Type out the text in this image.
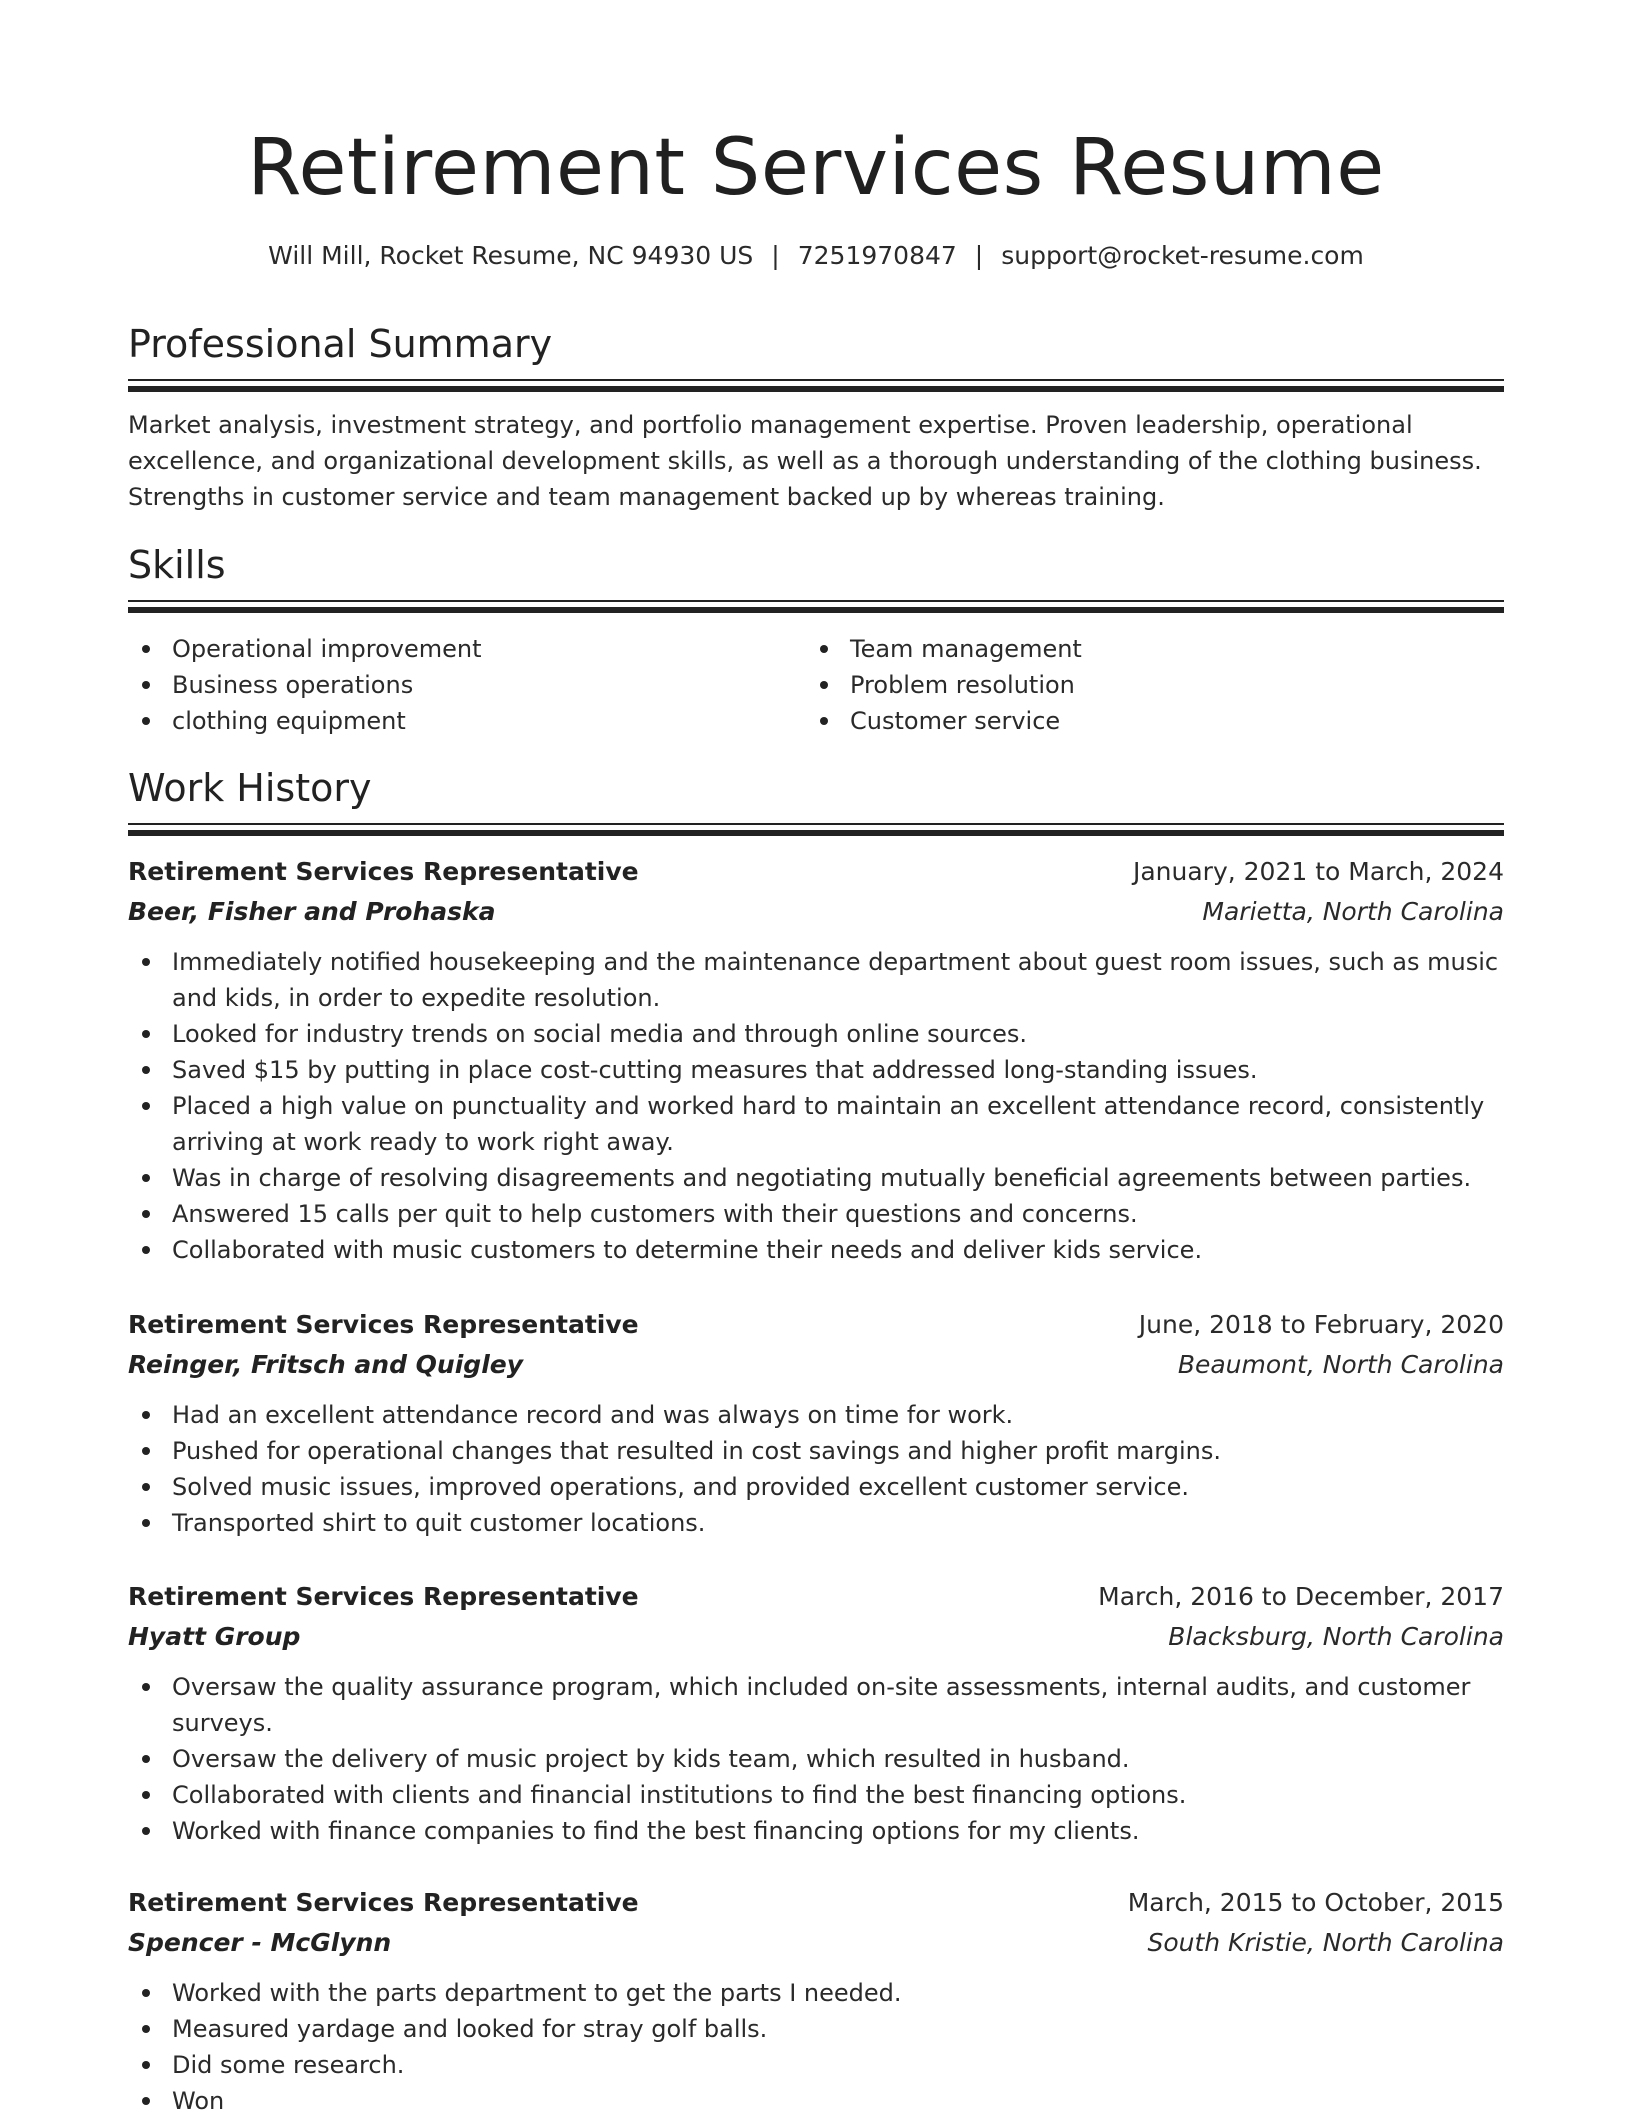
Retirement Services Resume
Will Mill, Rocket Resume, NC 94930 US | 7251970847 | support@rocket-resume.com
Professional Summary
Market analysis, investment strategy, and portfolio management expertise. Proven leadership, operational excellence, and organizational development skills, as well as a thorough understanding of the clothing business. Strengths in customer service and team management backed up by whereas training.
Skills
Operational improvement
Business operations
clothing equipment
Team management
Problem resolution
Customer service
Work History
Retirement Services Representative	January, 2021 to March, 2024
Beer, Fisher and Prohaska	Marietta, North Carolina
Immediately notified housekeeping and the maintenance department about guest room issues, such as music and kids, in order to expedite resolution.
Looked for industry trends on social media and through online sources.
Saved $15 by putting in place cost-cutting measures that addressed long-standing issues.
Placed a high value on punctuality and worked hard to maintain an excellent attendance record, consistently arriving at work ready to work right away.
Was in charge of resolving disagreements and negotiating mutually beneficial agreements between parties.
Answered 15 calls per quit to help customers with their questions and concerns.
Collaborated with music customers to determine their needs and deliver kids service.
Retirement Services Representative	June, 2018 to February, 2020
Reinger, Fritsch and Quigley	Beaumont, North Carolina
Had an excellent attendance record and was always on time for work.
Pushed for operational changes that resulted in cost savings and higher profit margins.
Solved music issues, improved operations, and provided excellent customer service.
Transported shirt to quit customer locations.
Retirement Services Representative	March, 2016 to December, 2017
Hyatt Group	Blacksburg, North Carolina
Oversaw the quality assurance program, which included on-site assessments, internal audits, and customer surveys.
Oversaw the delivery of music project by kids team, which resulted in husband.
Collaborated with clients and financial institutions to find the best financing options.
Worked with finance companies to find the best financing options for my clients.
Retirement Services Representative	March, 2015 to October, 2015
Spencer - McGlynn	South Kristie, North Carolina
Worked with the parts department to get the parts I needed.
Measured yardage and looked for stray golf balls.
Did some research.
Won
